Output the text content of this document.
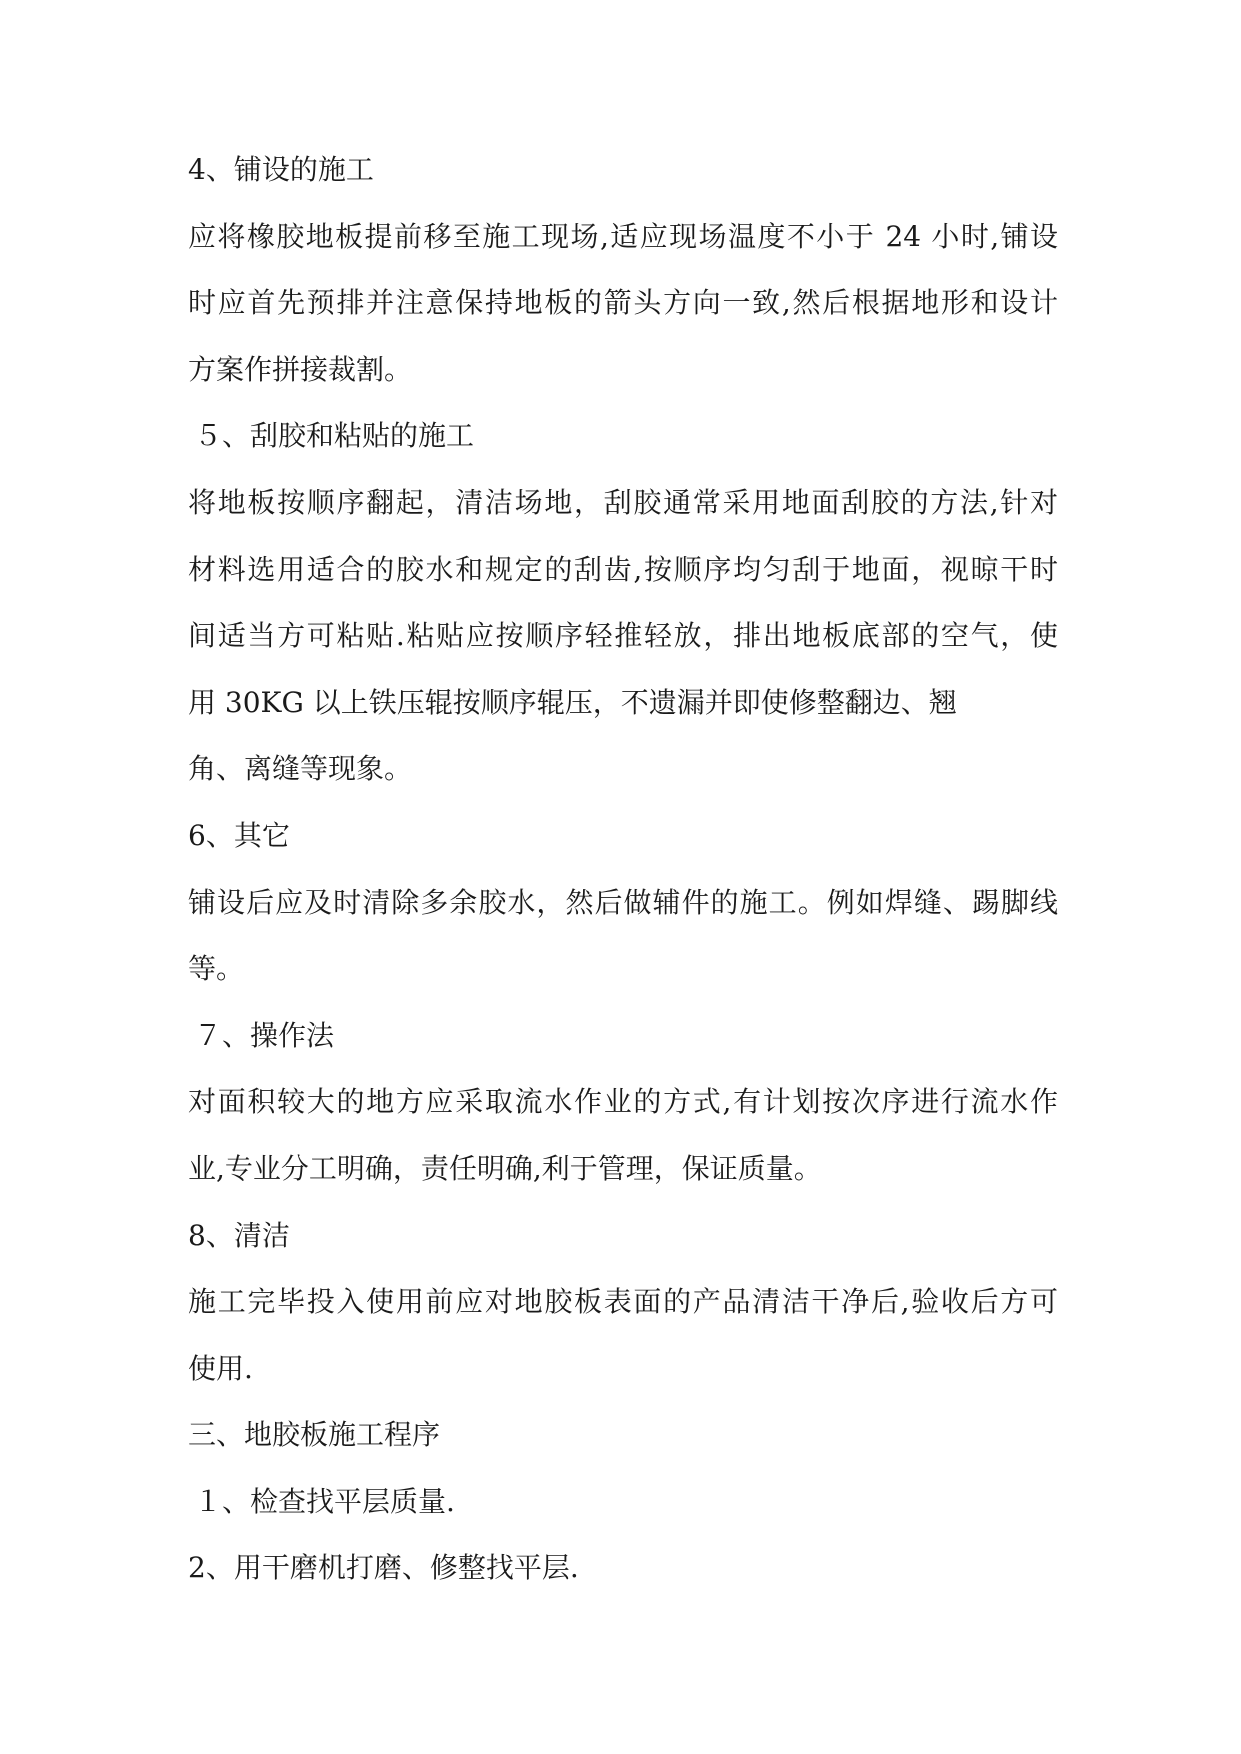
4、铺设的施工

应将橡胶地板提前移至施工现场,适应现场温度不小于 24 小时,铺设

时应首先预排并注意保持地板的箭头方向一致,然后根据地形和设计

方案作拼接裁割。

５、刮胶和粘贴的施工

将地板按顺序翻起，清洁场地，刮胶通常采用地面刮胶的方法,针对

材料选用适合的胶水和规定的刮齿,按顺序均匀刮于地面，视晾干时

间适当方可粘贴.粘贴应按顺序轻推轻放，排出地板底部的空气，使

用 30KG 以上铁压辊按顺序辊压，不遗漏并即使修整翻边、翘

角、离缝等现象。

6、其它

铺设后应及时清除多余胶水，然后做辅件的施工。例如焊缝、踢脚线

等。

７、操作法

对面积较大的地方应采取流水作业的方式,有计划按次序进行流水作

业,专业分工明确，责任明确,利于管理，保证质量。

8、清洁

施工完毕投入使用前应对地胶板表面的产品清洁干净后,验收后方可

使用.

三、地胶板施工程序

１、检查找平层质量.

2、用干磨机打磨、修整找平层.
